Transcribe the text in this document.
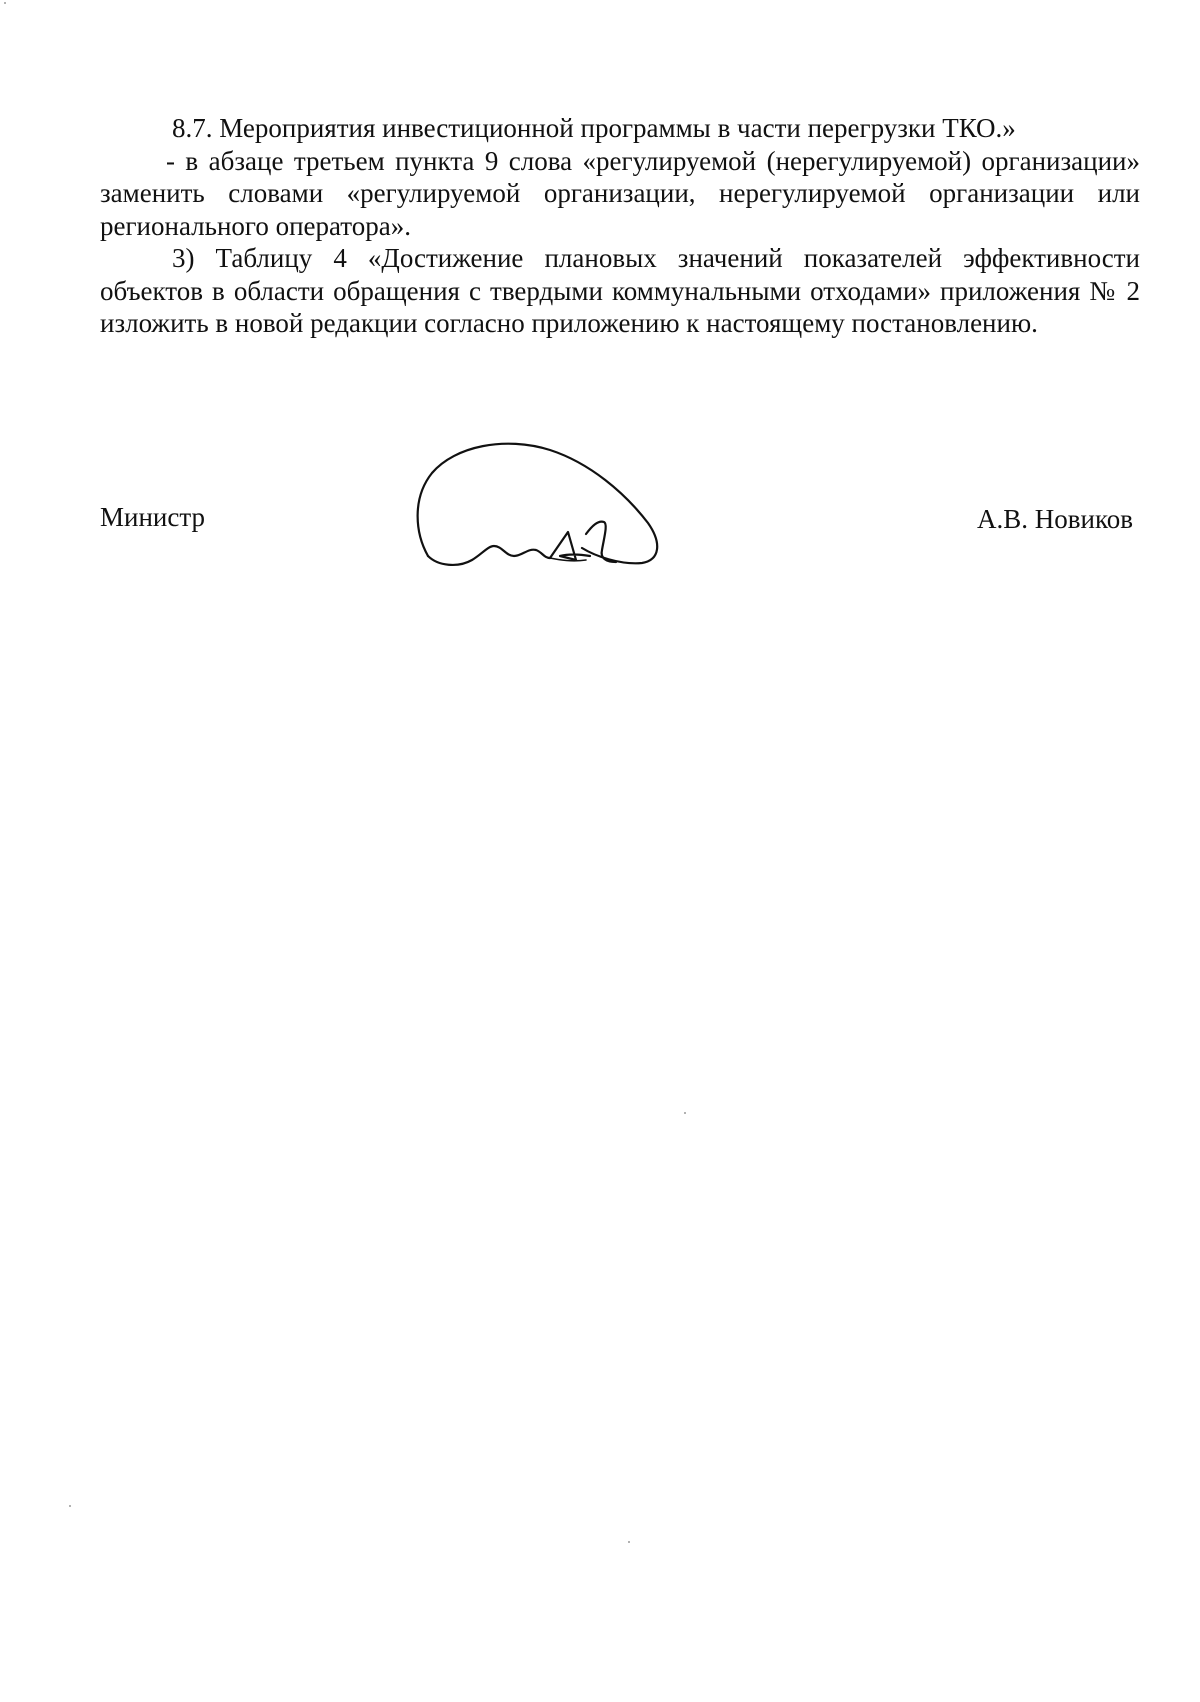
8.7. Мероприятия инвестиционной программы в части перегрузки ТКО.»

- в абзаце третьем пункта 9 слова «регулируемой (нерегулируемой) организации» заменить словами «регулируемой организации, нерегулируемой организации или регионального оператора».

3) Таблицу 4 «Достижение плановых значений показателей эффективности объектов в области обращения с твердыми коммунальными отходами» приложения № 2 изложить в новой редакции согласно приложению к настоящему постановлению.

Министр	А.В. Новиков
